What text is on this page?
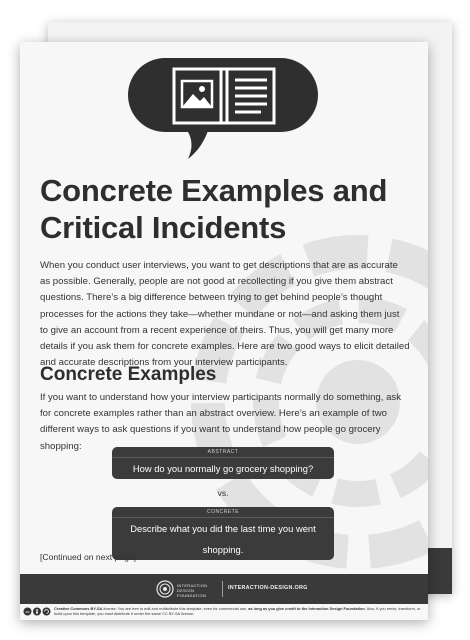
Concrete Examples and Critical Incidents

When you conduct user interviews, you want to get descriptions that are as accurate as possible. Generally, people are not good at recollecting if you give them abstract questions. There’s a big difference between trying to get behind people’s thought processes for the actions they take—whether mundane or not—and asking them just to give an account from a recent experience of theirs. Thus, you will get many more details if you ask them for concrete examples. Here are two good ways to elicit detailed and accurate descriptions from your interview participants.

Concrete Examples

If you want to understand how your interview participants normally do something, ask for concrete examples rather than an abstract overview. Here’s an example of two different ways to ask questions if you want to understand how people go grocery shopping:

ABSTRACT
How do you normally go grocery shopping?
vs.
CONCRETE
Describe what you did the last time you went shopping.

[Continued on next page]

INTERACTION DESIGN
FOUNDATION
INTERACTION-DESIGN.ORG
cc
Creative Commons BY-SA license: You are free to edit and redistribute this template, even for commercial use, as long as you give credit to the Interaction Design Foundation. Also, if you remix, transform, or build upon this template, you must distribute it under the same CC BY-SA license.
